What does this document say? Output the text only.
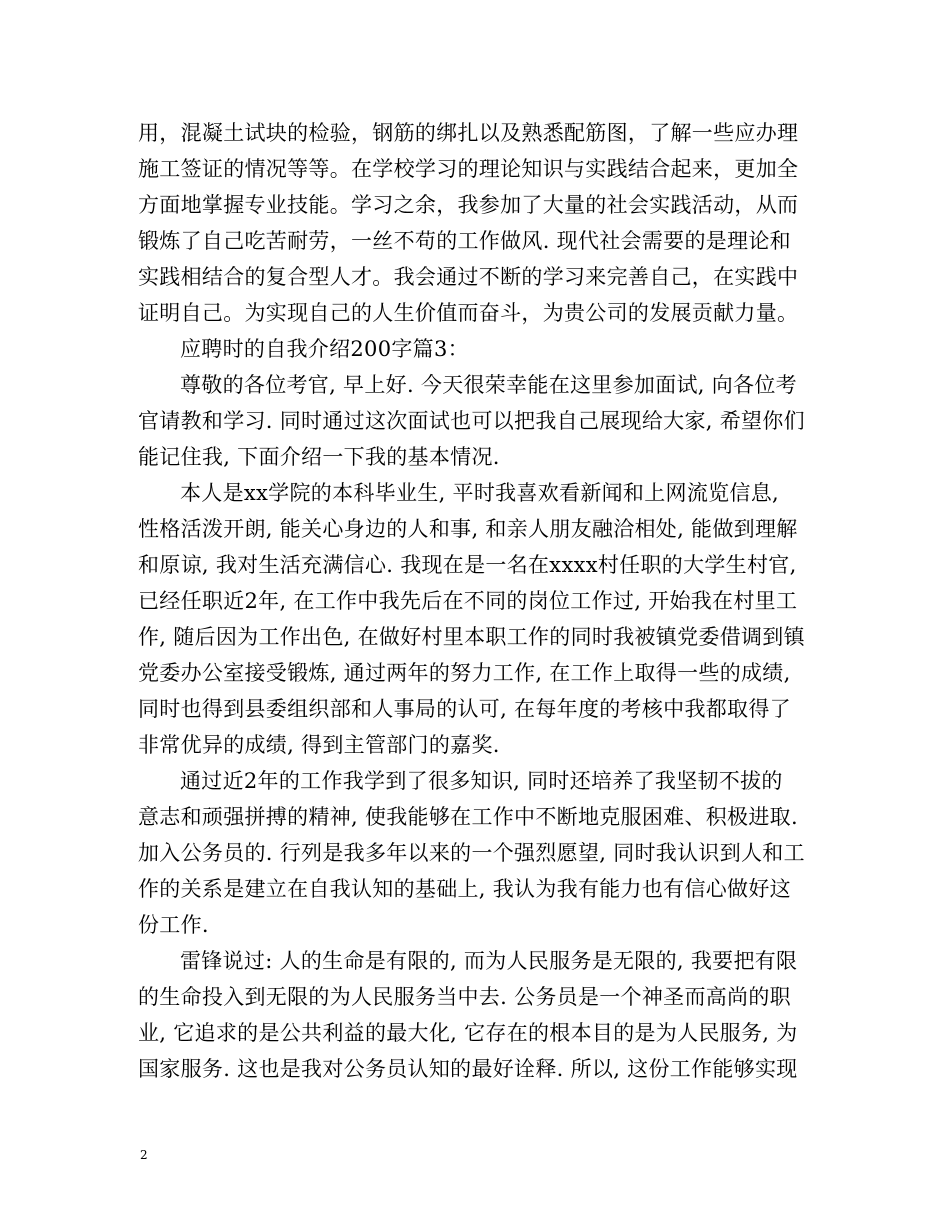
用，混凝土试块的检验，钢筋的绑扎以及熟悉配筋图，了解一些应办理
施工签证的情况等等。在学校学习的理论知识与实践结合起来，更加全
方面地掌握专业技能。学习之余，我参加了大量的社会实践活动，从而
锻炼了自己吃苦耐劳，一丝不苟的工作做风. 现代社会需要的是理论和
实践相结合的复合型人才。我会通过不断的学习来完善自己，在实践中
证明自己。为实现自己的人生价值而奋斗，为贵公司的发展贡献力量。
应聘时的自我介绍200字篇3：
尊敬的各位考官, 早上好. 今天很荣幸能在这里参加面试, 向各位考
官请教和学习. 同时通过这次面试也可以把我自己展现给大家, 希望你们
能记住我, 下面介绍一下我的基本情况.
本人是xx学院的本科毕业生, 平时我喜欢看新闻和上网流览信息,
性格活泼开朗, 能关心身边的人和事, 和亲人朋友融洽相处, 能做到理解
和原谅, 我对生活充满信心. 我现在是一名在xxxx村任职的大学生村官,
已经任职近2年, 在工作中我先后在不同的岗位工作过, 开始我在村里工
作, 随后因为工作出色, 在做好村里本职工作的同时我被镇党委借调到镇
党委办公室接受锻炼, 通过两年的努力工作, 在工作上取得一些的成绩,
同时也得到县委组织部和人事局的认可, 在每年度的考核中我都取得了
非常优异的成绩, 得到主管部门的嘉奖.
通过近2年的工作我学到了很多知识, 同时还培养了我坚韧不拔的
意志和顽强拼搏的精神, 使我能够在工作中不断地克服困难、积极进取.
加入公务员的. 行列是我多年以来的一个强烈愿望, 同时我认识到人和工
作的关系是建立在自我认知的基础上, 我认为我有能力也有信心做好这
份工作.
雷锋说过: 人的生命是有限的, 而为人民服务是无限的, 我要把有限
的生命投入到无限的为人民服务当中去. 公务员是一个神圣而高尚的职
业, 它追求的是公共利益的最大化, 它存在的根本目的是为人民服务, 为
国家服务. 这也是我对公务员认知的最好诠释. 所以, 这份工作能够实现
2
